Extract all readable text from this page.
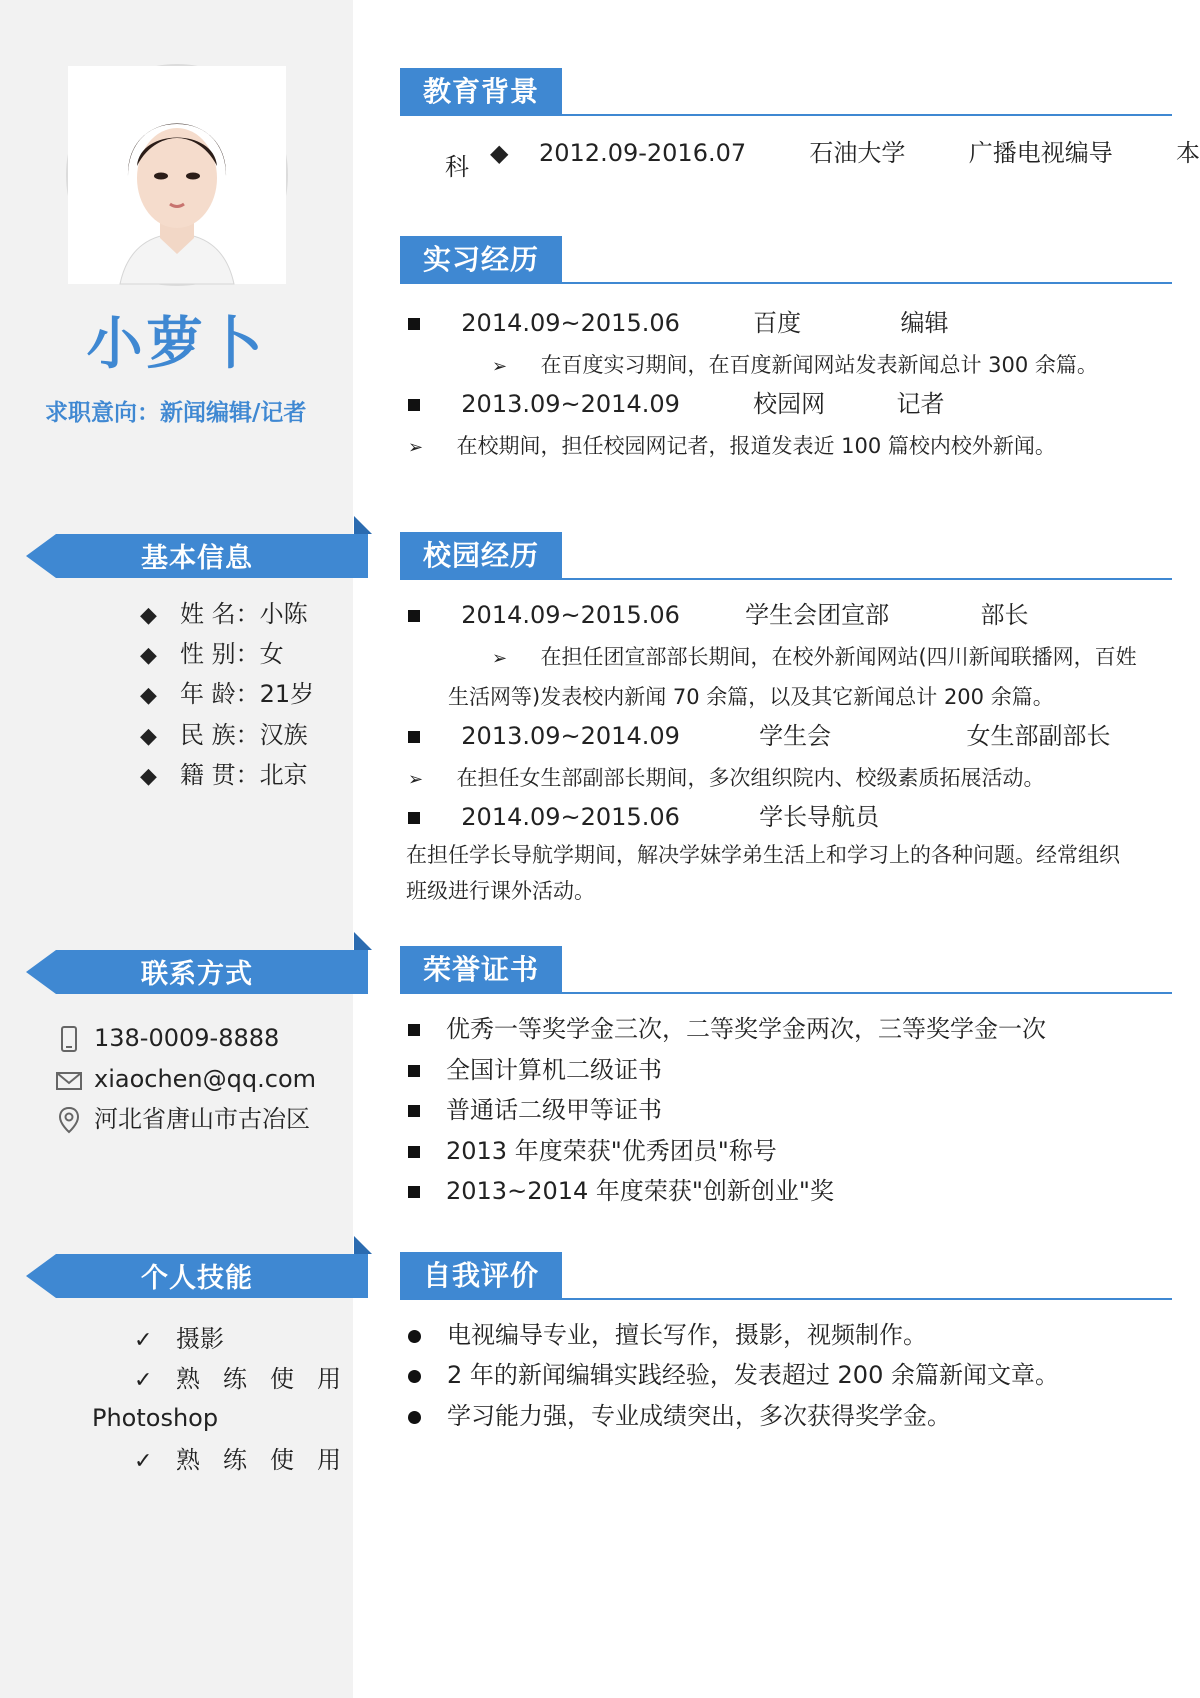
小萝卜
求职意向：新闻编辑/记者
基本信息
◆ 姓 名：小陈
◆ 性 别：女
◆ 年 龄：21岁
◆ 民 族：汉族
◆ 籍 贯：北京
联系方式
138-0009-8888
xiaochen@qq.com
河北省唐山市古冶区
个人技能
✓ 摄影
✓ 熟练使用
Photoshop
✓ 熟练使用
教育背景
◆ 2012.09-2016.07	石油大学	广播电视编导	本
科
实习经历
2014.09~2015.06	百度	编辑
➢ 在百度实习期间，在百度新闻网站发表新闻总计 300 余篇。
2013.09~2014.09	校园网	记者
➢ 在校期间，担任校园网记者，报道发表近 100 篇校内校外新闻。
校园经历
2014.09~2015.06	学生会团宣部	部长
➢ 在担任团宣部部长期间，在校外新闻网站(四川新闻联播网，百姓
生活网等)发表校内新闻 70 余篇，以及其它新闻总计 200 余篇。
2013.09~2014.09	学生会	女生部副部长
➢ 在担任女生部副部长期间，多次组织院内、校级素质拓展活动。
2014.09~2015.06	学长导航员
在担任学长导航学期间，解决学妹学弟生活上和学习上的各种问题。经常组织
班级进行课外活动。
荣誉证书
优秀一等奖学金三次，二等奖学金两次，三等奖学金一次
全国计算机二级证书
普通话二级甲等证书
2013 年度荣获"优秀团员"称号
2013~2014 年度荣获"创新创业"奖
自我评价
电视编导专业，擅长写作，摄影，视频制作。
2 年的新闻编辑实践经验，发表超过 200 余篇新闻文章。
学习能力强，专业成绩突出，多次获得奖学金。
